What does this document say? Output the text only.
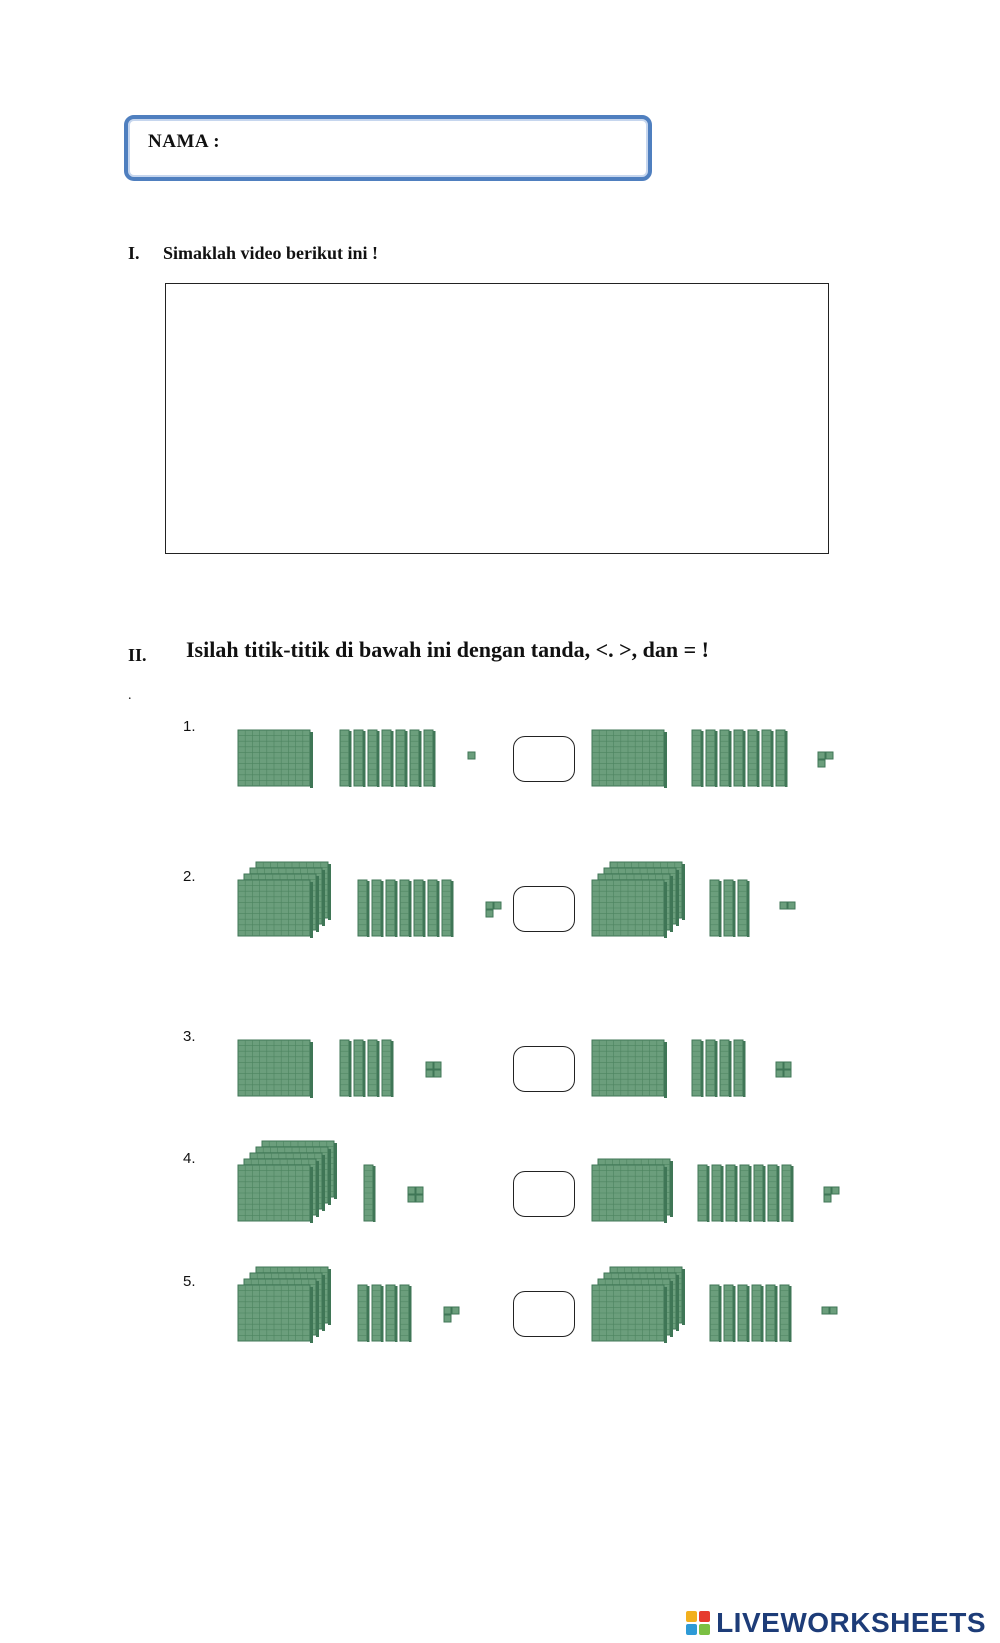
NAMA :
I. Simaklah video berikut ini !
II. Isilah titik-titik di bawah ini dengan tanda, <. >, dan = !
.
1.
2.
3.
4.
5.
LIVEWORKSHEETS
